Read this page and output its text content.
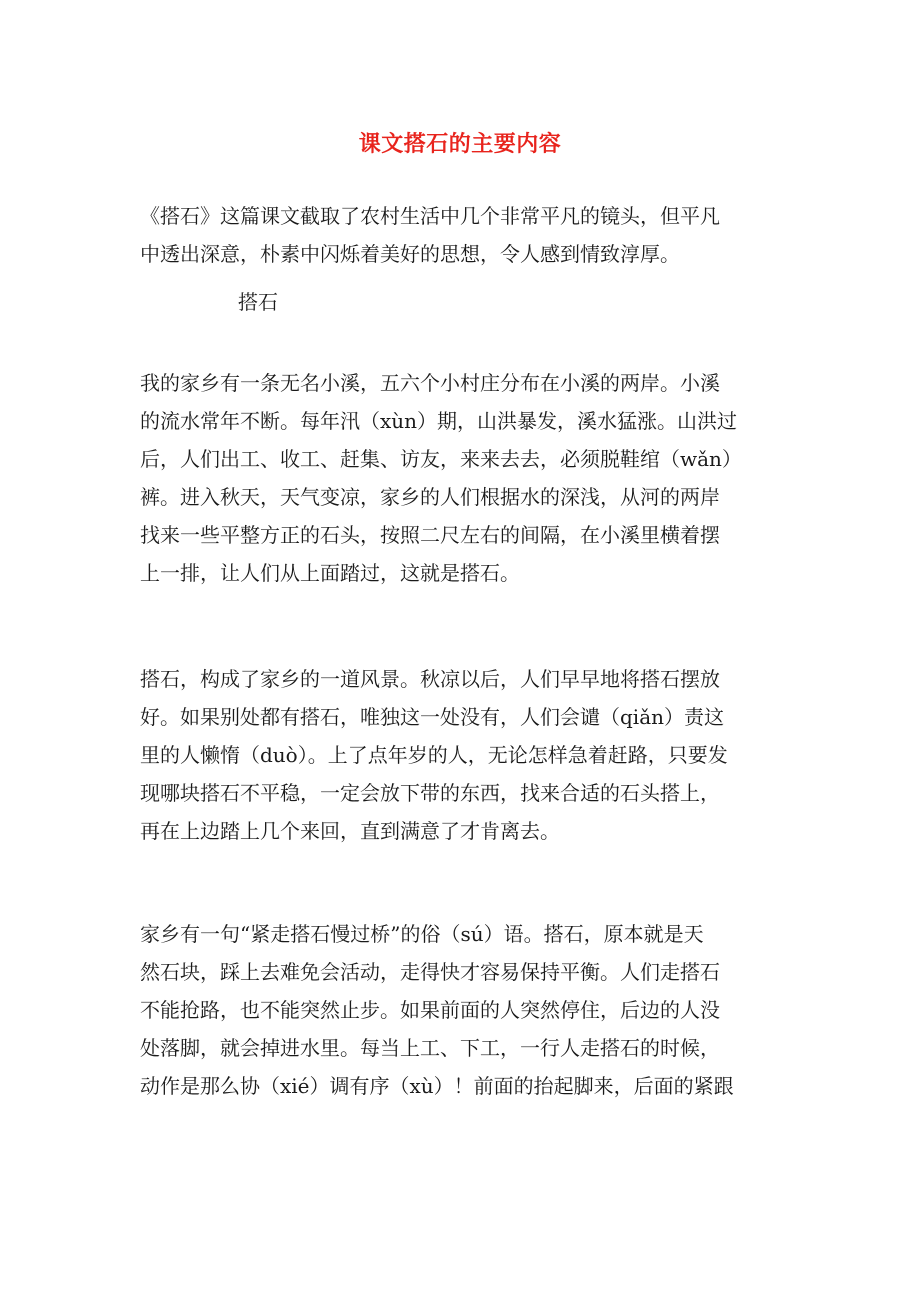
课文搭石的主要内容

《搭石》这篇课文截取了农村生活中几个非常平凡的镜头，但平凡
中透出深意，朴素中闪烁着美好的思想，令人感到情致淳厚。

搭石

我的家乡有一条无名小溪，五六个小村庄分布在小溪的两岸。小溪
的流水常年不断。每年汛（xùn）期，山洪暴发，溪水猛涨。山洪过
后，人们出工、收工、赶集、访友，来来去去，必须脱鞋绾（wǎn）
裤。进入秋天，天气变凉，家乡的人们根据水的深浅，从河的两岸
找来一些平整方正的石头，按照二尺左右的间隔，在小溪里横着摆
上一排，让人们从上面踏过，这就是搭石。

搭石，构成了家乡的一道风景。秋凉以后，人们早早地将搭石摆放
好。如果别处都有搭石，唯独这一处没有，人们会谴（qiǎn）责这
里的人懒惰（duò）。上了点年岁的人，无论怎样急着赶路，只要发
现哪块搭石不平稳，一定会放下带的东西，找来合适的石头搭上，
再在上边踏上几个来回，直到满意了才肯离去。

家乡有一句“紧走搭石慢过桥”的俗（sú）语。搭石，原本就是天
然石块，踩上去难免会活动，走得快才容易保持平衡。人们走搭石
不能抢路，也不能突然止步。如果前面的人突然停住，后边的人没
处落脚，就会掉进水里。每当上工、下工，一行人走搭石的时候，
动作是那么协（xié）调有序（xù）！前面的抬起脚来，后面的紧跟
